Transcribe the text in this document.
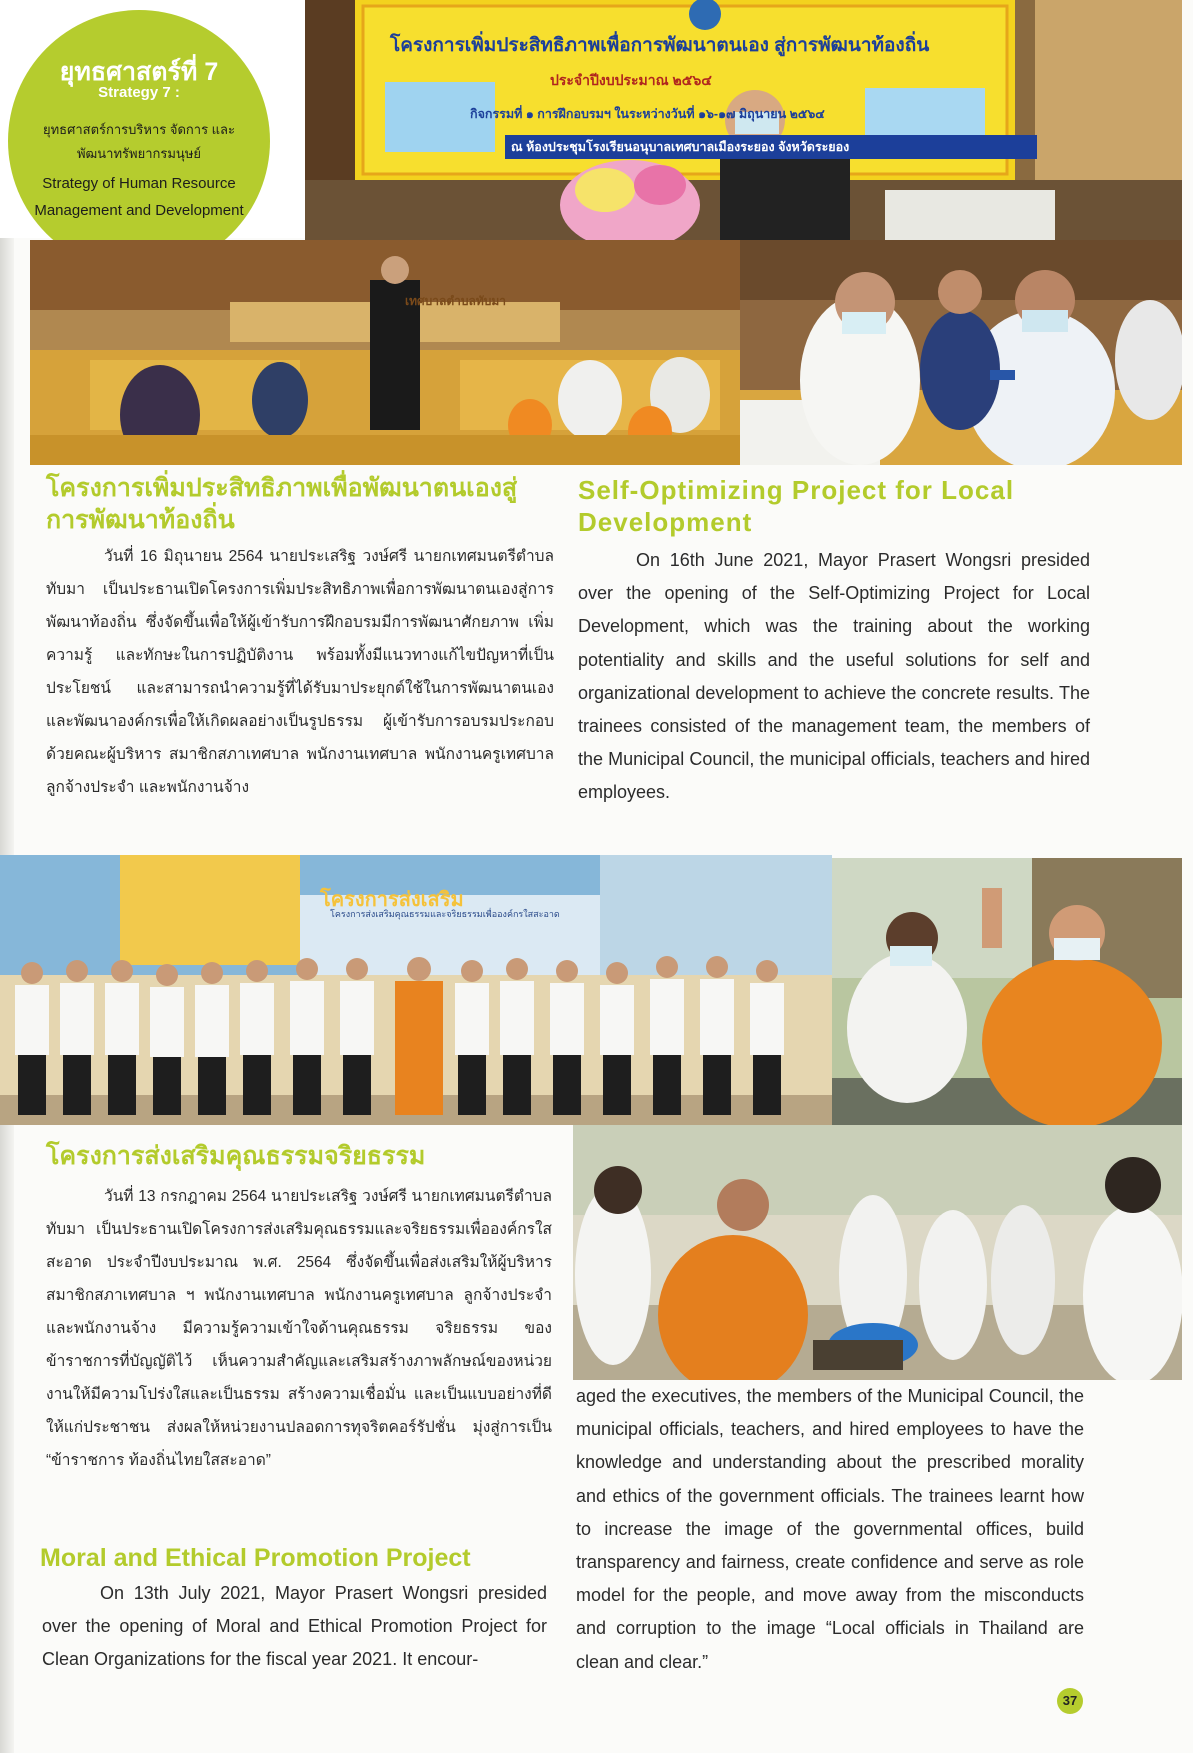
โครงการเพิ่มประสิทธิภาพเพื่อการพัฒนาตนเอง สู่การพัฒนาท้องถิ่น
ประจำปีงบประมาณ ๒๕๖๔
กิจกรรมที่ ๑ การฝึกอบรมฯ ในระหว่างวันที่ ๑๖-๑๗ มิถุนายน ๒๕๖๔
ณ ห้องประชุมโรงเรียนอนุบาลเทศบาลเมืองระยอง จังหวัดระยอง
ยุทธศาสตร์ที่ 7
Strategy 7 :
ยุทธศาสตร์การบริหาร จัดการ และพัฒนาทรัพยากรมนุษย์
Strategy of Human Resource Management and Development
เทศบาลตำบลทับมา
โครงการเพิ่มประสิทธิภาพเพื่อพัฒนาตนเองสู่การพัฒนาท้องถิ่น
วันที่ 16 มิถุนายน 2564 นายประเสริฐ วงษ์ศรี นายกเทศมนตรีตำบลทับมา เป็นประธานเปิดโครงการเพิ่มประสิทธิภาพเพื่อการพัฒนาตนเองสู่การพัฒนาท้องถิ่น ซึ่งจัดขึ้นเพื่อให้ผู้เข้ารับการฝึกอบรมมีการพัฒนาศักยภาพ เพิ่มความรู้ และทักษะในการปฏิบัติงาน พร้อมทั้งมีแนวทางแก้ไขปัญหาที่เป็นประโยชน์ และสามารถนำความรู้ที่ได้รับมาประยุกต์ใช้ในการพัฒนาตนเองและพัฒนาองค์กรเพื่อให้เกิดผลอย่างเป็นรูปธรรม ผู้เข้ารับการอบรมประกอบด้วยคณะผู้บริหาร สมาชิกสภาเทศบาล พนักงานเทศบาล พนักงานครูเทศบาล ลูกจ้างประจำ และพนักงานจ้าง
Self-Optimizing Project for Local Development
On 16th June 2021, Mayor Prasert Wongsri presided over the opening of the Self-Optimizing Project for Local Development, which was the training about the working potentiality and skills and the useful solutions for self and organizational development to achieve the concrete results. The trainees consisted of the management team, the members of the Municipal Council, the municipal officials, teachers and hired employees.
โครงการส่งเสริม
โครงการส่งเสริมคุณธรรมและจริยธรรมเพื่อองค์กรใสสะอาด
โครงการส่งเสริมคุณธรรมจริยธรรม
วันที่ 13 กรกฎาคม 2564 นายประเสริฐ วงษ์ศรี นายกเทศมนตรีตำบลทับมา เป็นประธานเปิดโครงการส่งเสริมคุณธรรมและจริยธรรมเพื่อองค์กรใสสะอาด ประจำปีงบประมาณ พ.ศ. 2564 ซึ่งจัดขึ้นเพื่อส่งเสริมให้ผู้บริหาร สมาชิกสภาเทศบาล ฯ พนักงานเทศบาล พนักงานครูเทศบาล ลูกจ้างประจำ และพนักงานจ้าง มีความรู้ความเข้าใจด้านคุณธรรม จริยธรรม ของข้าราชการที่บัญญัติไว้ เห็นความสำคัญและเสริมสร้างภาพลักษณ์ของหน่วยงานให้มีความโปร่งใสและเป็นธรรม สร้างความเชื่อมั่น และเป็นแบบอย่างที่ดีให้แก่ประชาชน ส่งผลให้หน่วยงานปลอดการทุจริตคอร์รัปชั่น มุ่งสู่การเป็น “ข้าราชการ ท้องถิ่นไทยใสสะอาด”
Moral and Ethical Promotion Project
On 13th July 2021, Mayor Prasert Wongsri presided over the opening of Moral and Ethical Promotion Project for Clean Organizations for the fiscal year 2021. It encour-
aged the executives, the members of the Municipal Council, the municipal officials, teachers, and hired employees to have the knowledge and understanding about the prescribed morality and ethics of the government officials. The trainees learnt how to increase the image of the governmental offices, build transparency and fairness, create confidence and serve as role model for the people, and move away from the misconducts and corruption to the image “Local officials in Thailand are clean and clear.”
37
